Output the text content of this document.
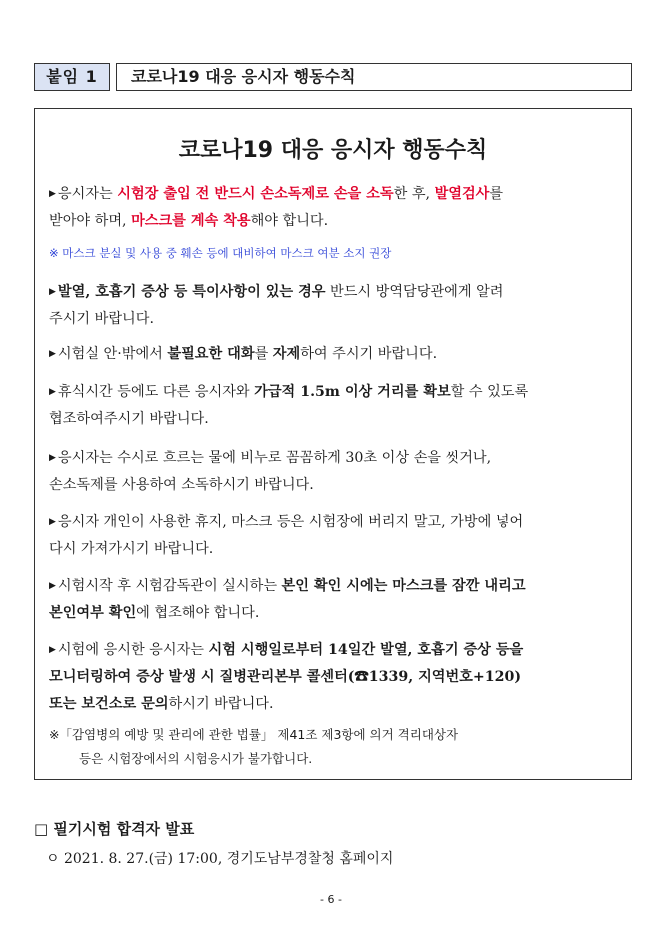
붙임 1	코로나19 대응 응시자 행동수칙
코로나19 대응 응시자 행동수칙
▶ 응시자는 시험장 출입 전 반드시 손소독제로 손을 소독한 후, 발열검사를
받아야 하며, 마스크를 계속 착용해야 합니다.
※ 마스크 분실 및 사용 중 훼손 등에 대비하여 마스크 여분 소지 권장
▶ 발열, 호흡기 증상 등 특이사항이 있는 경우 반드시 방역담당관에게 알려
주시기 바랍니다.
▶ 시험실 안·밖에서 불필요한 대화를 자제하여 주시기 바랍니다.
▶ 휴식시간 등에도 다른 응시자와 가급적 1.5m 이상 거리를 확보할 수 있도록
협조하여주시기 바랍니다.
▶ 응시자는 수시로 흐르는 물에 비누로 꼼꼼하게 30초 이상 손을 씻거나,
손소독제를 사용하여 소독하시기 바랍니다.
▶ 응시자 개인이 사용한 휴지, 마스크 등은 시험장에 버리지 말고, 가방에 넣어
다시 가져가시기 바랍니다.
▶ 시험시작 후 시험감독관이 실시하는 본인 확인 시에는 마스크를 잠깐 내리고
본인여부 확인에 협조해야 합니다.
▶ 시험에 응시한 응시자는 시험 시행일로부터 14일간 발열, 호흡기 증상 등을
모니터링하여 증상 발생 시 질병관리본부 콜센터(☎1339, 지역번호+120)
또는 보건소로 문의하시기 바랍니다.
※「감염병의 예방 및 관리에 관한 법률」 제41조 제3항에 의거 격리대상자
등은 시험장에서의 시험응시가 불가합니다.
□ 필기시험 합격자 발표
ㅇ 2021. 8. 27.(금) 17:00, 경기도남부경찰청 홈페이지
- 6 -
